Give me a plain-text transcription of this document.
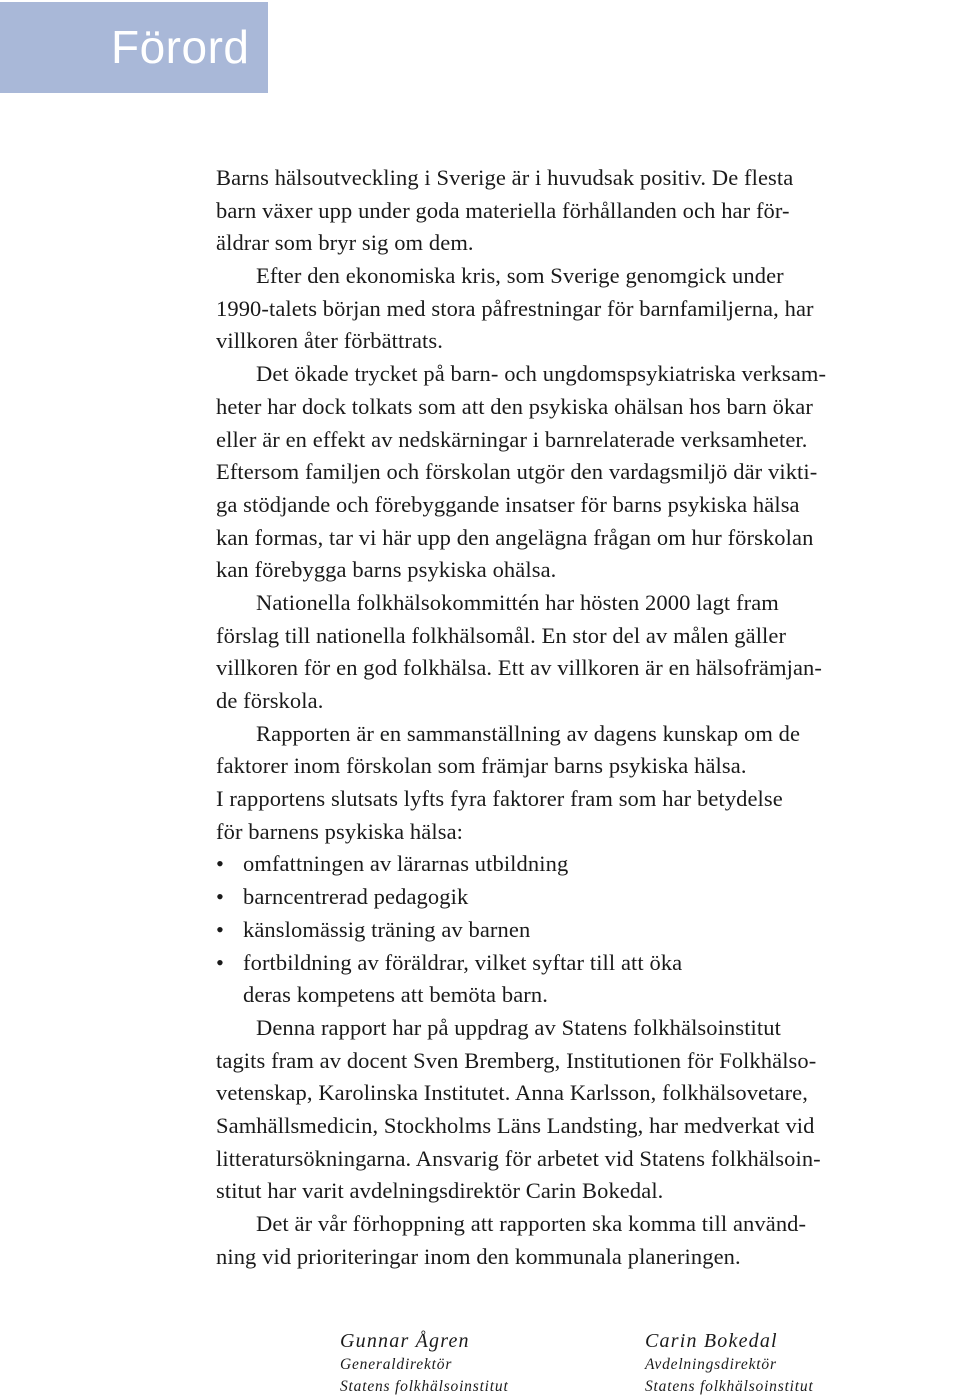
Förord
Barns hälsoutveckling i Sverige är i huvudsak positiv. De flesta
barn växer upp under goda materiella förhållanden och har för-
äldrar som bryr sig om dem.
Efter den ekonomiska kris, som Sverige genomgick under
1990-talets början med stora påfrestningar för barnfamiljerna, har
villkoren åter förbättrats.
Det ökade trycket på barn- och ungdomspsykiatriska verksam-
heter har dock tolkats som att den psykiska ohälsan hos barn ökar
eller är en effekt av nedskärningar i barnrelaterade verksamheter.
Eftersom familjen och förskolan utgör den vardagsmiljö där vikti-
ga stödjande och förebyggande insatser för barns psykiska hälsa
kan formas, tar vi här upp den angelägna frågan om hur förskolan
kan förebygga barns psykiska ohälsa.
Nationella folkhälsokommittén har hösten 2000 lagt fram
förslag till nationella folkhälsomål. En stor del av målen gäller
villkoren för en god folkhälsa. Ett av villkoren är en hälsofrämjan-
de förskola.
Rapporten är en sammanställning av dagens kunskap om de
faktorer inom förskolan som främjar barns psykiska hälsa.
I rapportens slutsats lyfts fyra faktorer fram som har betydelse
för barnens psykiska hälsa:
• omfattningen av lärarnas utbildning
• barncentrerad pedagogik
• känslomässig träning av barnen
• fortbildning av föräldrar, vilket syftar till att öka
deras kompetens att bemöta barn.
Denna rapport har på uppdrag av Statens folkhälsoinstitut
tagits fram av docent Sven Bremberg, Institutionen för Folkhälso-
vetenskap, Karolinska Institutet. Anna Karlsson, folkhälsovetare,
Samhällsmedicin, Stockholms Läns Landsting, har medverkat vid
litteratursökningarna. Ansvarig för arbetet vid Statens folkhälsoin-
stitut har varit avdelningsdirektör Carin Bokedal.
Det är vår förhoppning att rapporten ska komma till använd-
ning vid prioriteringar inom den kommunala planeringen.
Gunnar Ågren
Generaldirektör
Statens folkhälsoinstitut
Carin Bokedal
Avdelningsdirektör
Statens folkhälsoinstitut
